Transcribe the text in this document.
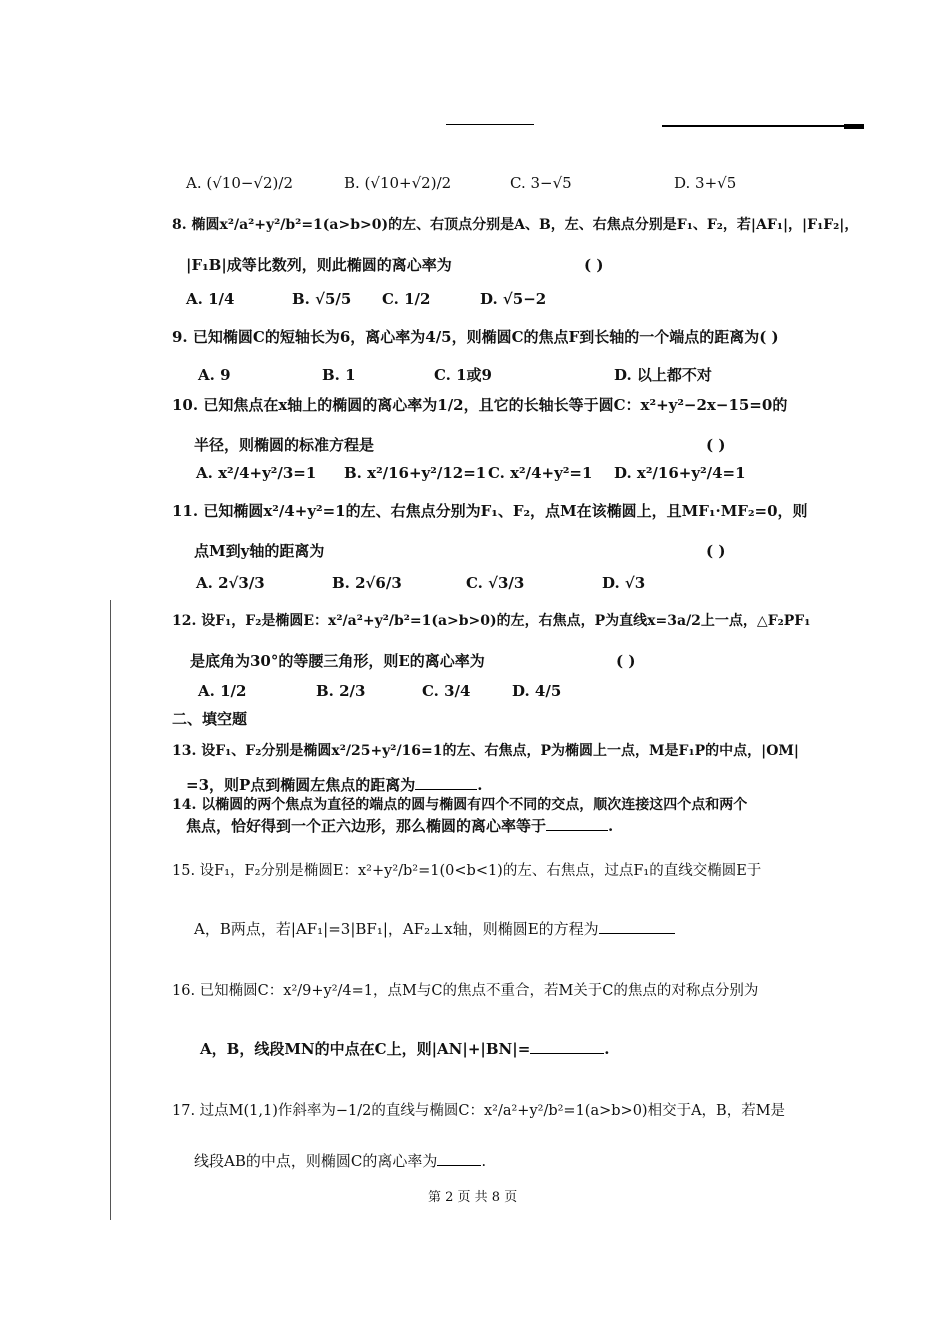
A. (√10−√2)/2	B. (√10+√2)/2	C. 3−√5	D. 3+√5
8. 椭圆x²/a²+y²/b²=1(a>b>0)的左、右顶点分别是A、B，左、右焦点分别是F₁、F₂，若|AF₁|，|F₁F₂|，
|F₁B|成等比数列，则此椭圆的离心率为	( )
A. 1/4	B. √5/5 C. 1/2	D. √5−2
9. 已知椭圆C的短轴长为6，离心率为4/5，则椭圆C的焦点F到长轴的一个端点的距离为( )
A. 9	B. 1	C. 1或9	D. 以上都不对
10. 已知焦点在x轴上的椭圆的离心率为1/2，且它的长轴长等于圆C：x²+y²−2x−15=0的
半径，则椭圆的标准方程是	( )
A. x²/4+y²/3=1 B. x²/16+y²/12=1 C. x²/4+y²=1 D. x²/16+y²/4=1
11. 已知椭圆x²/4+y²=1的左、右焦点分别为F₁、F₂，点M在该椭圆上，且MF₁·MF₂=0，则
点M到y轴的距离为	( )
A. 2√3/3	B. 2√6/3	C. √3/3	D. √3
12. 设F₁，F₂是椭圆E：x²/a²+y²/b²=1(a>b>0)的左，右焦点，P为直线x=3a/2上一点，△F₂PF₁
是底角为30°的等腰三角形，则E的离心率为	( )
A. 1/2	B. 2/3	C. 3/4	D. 4/5
二、填空题
13. 设F₁、F₂分别是椭圆x²/25+y²/16=1的左、右焦点，P为椭圆上一点，M是F₁P的中点，|OM|
=3，则P点到椭圆左焦点的距离为	.
14. 以椭圆的两个焦点为直径的端点的圆与椭圆有四个不同的交点，顺次连接这四个点和两个
焦点，恰好得到一个正六边形，那么椭圆的离心率等于	.
15. 设F₁，F₂分别是椭圆E：x²+y²/b²=1(0<b<1)的左、右焦点，过点F₁的直线交椭圆E于
A，B两点，若|AF₁|=3|BF₁|，AF₂⊥x轴，则椭圆E的方程为
16. 已知椭圆C：x²/9+y²/4=1，点M与C的焦点不重合，若M关于C的焦点的对称点分别为
A，B，线段MN的中点在C上，则|AN|+|BN|=	.
17. 过点M(1,1)作斜率为−1/2的直线与椭圆C：x²/a²+y²/b²=1(a>b>0)相交于A，B，若M是
线段AB的中点，则椭圆C的离心率为	.
第 2 页 共 8 页
